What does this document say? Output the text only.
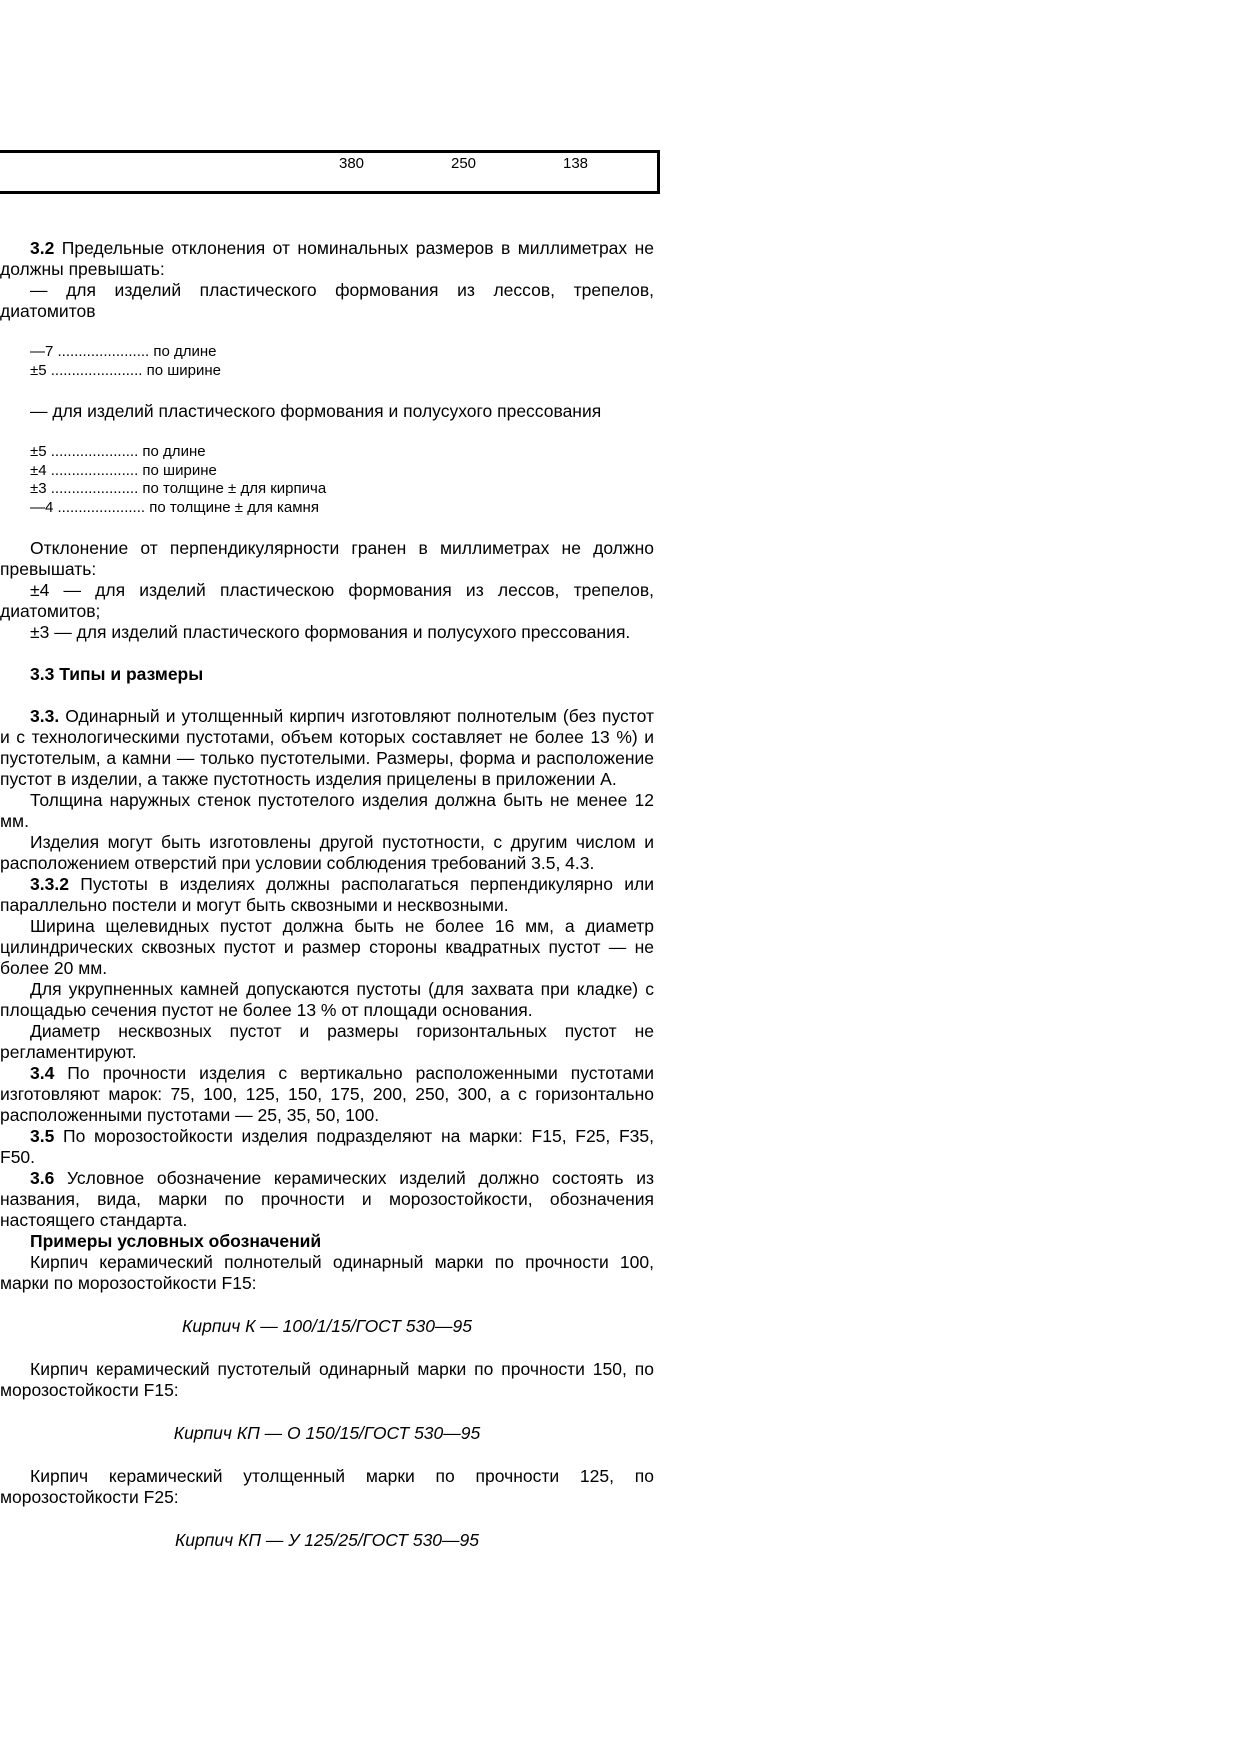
380	250	138

3.2 Предельные отклонения от номинальных размеров в миллиметрах не должны превышать:

— для изделий пластического формования из лессов, трепелов, диатомитов

—7 ...................... по длине
±5 ...................... по ширине
— для изделий пластического формования и полусухого прессования
±5 ..................... по длине
±4 ..................... по ширине
±3 ..................... по толщине ± для кирпича
—4 ..................... по толщине ± для камня

Отклонение от перпендикулярности гранен в миллиметрах не должно превышать:

±4 — для изделий пластическою формования из лессов, трепелов, диатомитов;

±3 — для изделий пластического формования и полусухого прессования.

3.3 Типы и размеры

3.3. Одинарный и утолщенный кирпич изготовляют полнотелым (без пустот и с технологическими пустотами, объем которых составляет не более 13 %) и пустотелым, а камни — только пустотелыми. Размеры, форма и расположение пустот в изделии, а также пустотность изделия прицелены в приложении А.

Толщина наружных стенок пустотелого изделия должна быть не менее 12 мм.

Изделия могут быть изготовлены другой пустотности, с другим числом и расположением отверстий при условии соблюдения требований 3.5, 4.3.

3.3.2 Пустоты в изделиях должны располагаться перпендикулярно или параллельно постели и могут быть сквозными и несквозными.

Ширина щелевидных пустот должна быть не более 16 мм, а диаметр цилиндрических сквозных пустот и размер стороны квадратных пустот — не более 20 мм.

Для укрупненных камней допускаются пустоты (для захвата при кладке) с площадью сечения пустот не более 13 % от площади основания.

Диаметр несквозных пустот и размеры горизонтальных пустот не регламентируют.

3.4 По прочности изделия с вертикально расположенными пустотами изготовляют марок: 75, 100, 125, 150, 175, 200, 250, 300, а с горизонтально расположенными пустотами — 25, 35, 50, 100.

3.5 По морозостойкости изделия подразделяют на марки: F15, F25, F35, F50.

3.6 Условное обозначение керамических изделий должно состоять из названия, вида, марки по прочности и морозостойкости, обозначения настоящего стандарта.

Примеры условных обозначений

Кирпич керамический полнотелый одинарный марки по прочности 100, марки по морозостойкости F15:

Кирпич К — 100/1/15/ГОСТ 530—95

Кирпич керамический пустотелый одинарный марки по прочности 150, по морозостойкости F15:

Кирпич КП — О 150/15/ГОСТ 530—95

Кирпич керамический утолщенный марки по прочности 125, по морозостойкости F25:

Кирпич КП — У 125/25/ГОСТ 530—95
